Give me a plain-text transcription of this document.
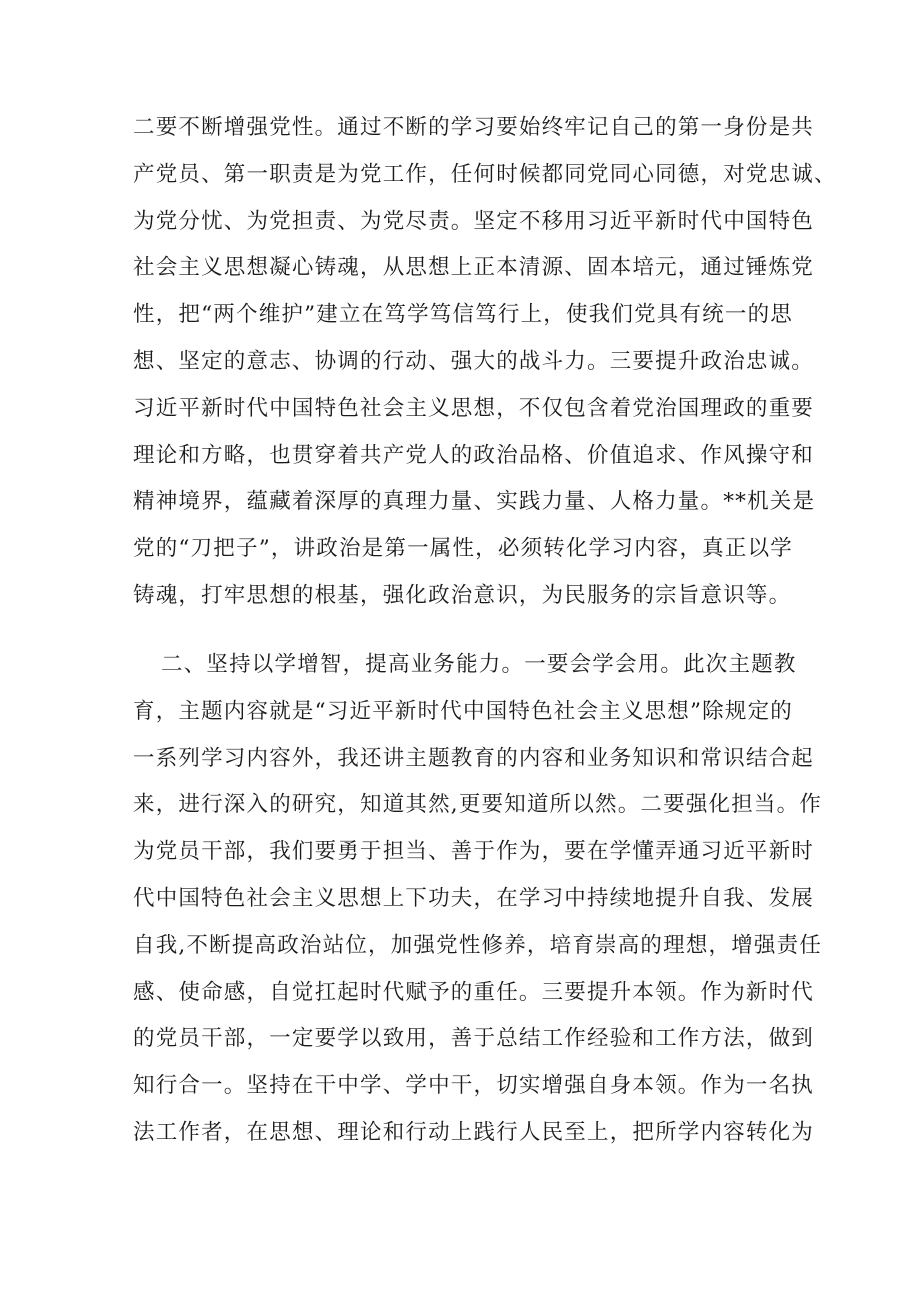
二要不断增强党性。通过不断的学习要始终牢记自己的第一身份是共
产党员、第一职责是为党工作，任何时候都同党同心同德，对党忠诚、
为党分忧、为党担责、为党尽责。坚定不移用习近平新时代中国特色
社会主义思想凝心铸魂，从思想上正本清源、固本培元，通过锤炼党
性，把“两个维护”建立在笃学笃信笃行上，使我们党具有统一的思
想、坚定的意志、协调的行动、强大的战斗力。三要提升政治忠诚。
习近平新时代中国特色社会主义思想，不仅包含着党治国理政的重要
理论和方略，也贯穿着共产党人的政治品格、价值追求、作风操守和
精神境界，蕴藏着深厚的真理力量、实践力量、人格力量。**机关是
党的“刀把子”，讲政治是第一属性，必须转化学习内容，真正以学
铸魂，打牢思想的根基，强化政治意识，为民服务的宗旨意识等。
二、坚持以学增智，提高业务能力。一要会学会用。此次主题教
育，主题内容就是“习近平新时代中国特色社会主义思想”除规定的
一系列学习内容外，我还讲主题教育的内容和业务知识和常识结合起
来，进行深入的研究，知道其然,更要知道所以然。二要强化担当。作
为党员干部，我们要勇于担当、善于作为，要在学懂弄通习近平新时
代中国特色社会主义思想上下功夫，在学习中持续地提升自我、发展
自我,不断提高政治站位，加强党性修养，培育崇高的理想，增强责任
感、使命感，自觉扛起时代赋予的重任。三要提升本领。作为新时代
的党员干部，一定要学以致用，善于总结工作经验和工作方法，做到
知行合一。坚持在干中学、学中干，切实增强自身本领。作为一名执
法工作者，在思想、理论和行动上践行人民至上，把所学内容转化为
